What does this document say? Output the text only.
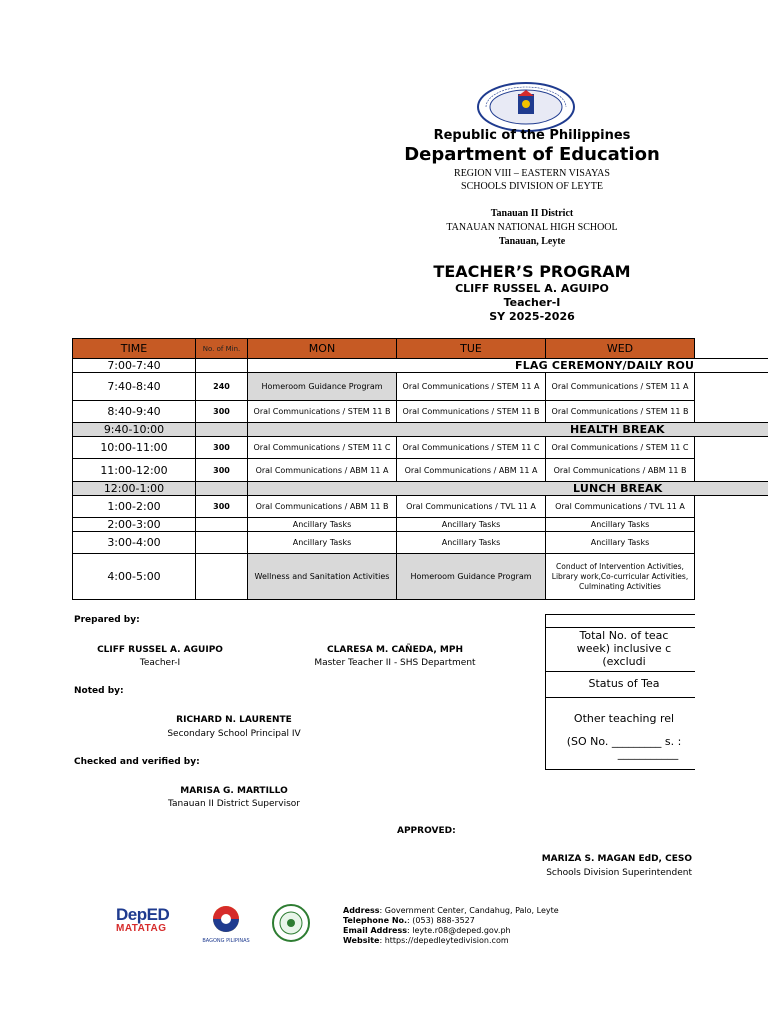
Republic of the Philippines
Department of Education
REGION VIII – EASTERN VISAYAS
SCHOOLS DIVISION OF LEYTE
Tanauan II District
TANAUAN NATIONAL HIGH SCHOOL
Tanauan, Leyte
TEACHER’S PROGRAM
CLIFF RUSSEL A. AGUIPO
Teacher-I
SY 2025-2026
TIME	No. of Min.	MON	TUE	WED	
7:00-7:40		FLAG CEREMONY/DAILY ROU			
7:40-8:40	240	Homeroom Guidance Program	Oral Communications / STEM 11 A	Oral Communications / STEM 11 A	
8:40-9:40	300	Oral Communications / STEM 11 B	Oral Communications / STEM 11 B	Oral Communications / STEM 11 B	
9:40-10:00		HEALTH BREAK			
10:00-11:00	300	Oral Communications / STEM 11 C	Oral Communications / STEM 11 C	Oral Communications / STEM 11 C	
11:00-12:00	300	Oral Communications / ABM 11 A	Oral Communications / ABM 11 A	Oral Communications / ABM 11 B	
12:00-1:00		LUNCH BREAK			
1:00-2:00	300	Oral Communications / ABM 11 B	Oral Communications / TVL 11 A	Oral Communications / TVL 11 A	
2:00-3:00		Ancillary Tasks	Ancillary Tasks	Ancillary Tasks	
3:00-4:00		Ancillary Tasks	Ancillary Tasks	Ancillary Tasks	
4:00-5:00		Wellness and Sanitation Activities	Homeroom Guidance Program	Conduct of Intervention Activities, Library work,Co-curricular Activities, Culminating Activities	
Prepared by:
CLIFF RUSSEL A. AGUIPO
Teacher-I
CLARESA M. CAÑEDA, MPH
Master Teacher II - SHS Department
Noted by:
RICHARD N. LAURENTE
Secondary School Principal IV
Checked and verified by:
MARISA G. MARTILLO
Tanauan II District Supervisor
APPROVED:
MARIZA S. MAGAN EdD, CESO
Schools Division Superintendent
Total No. of teac
week) inclusive c
(excludi
Status of Tea
Other teaching rel
(SO No. _________ s. :
___________
DepED
MATATAG
BAGONG PILIPINAS
Address: Government Center, Candahug, Palo, Leyte
Telephone No.: (053) 888-3527
Email Address: leyte.r08@deped.gov.ph
Website: https://depedleytedivision.com
